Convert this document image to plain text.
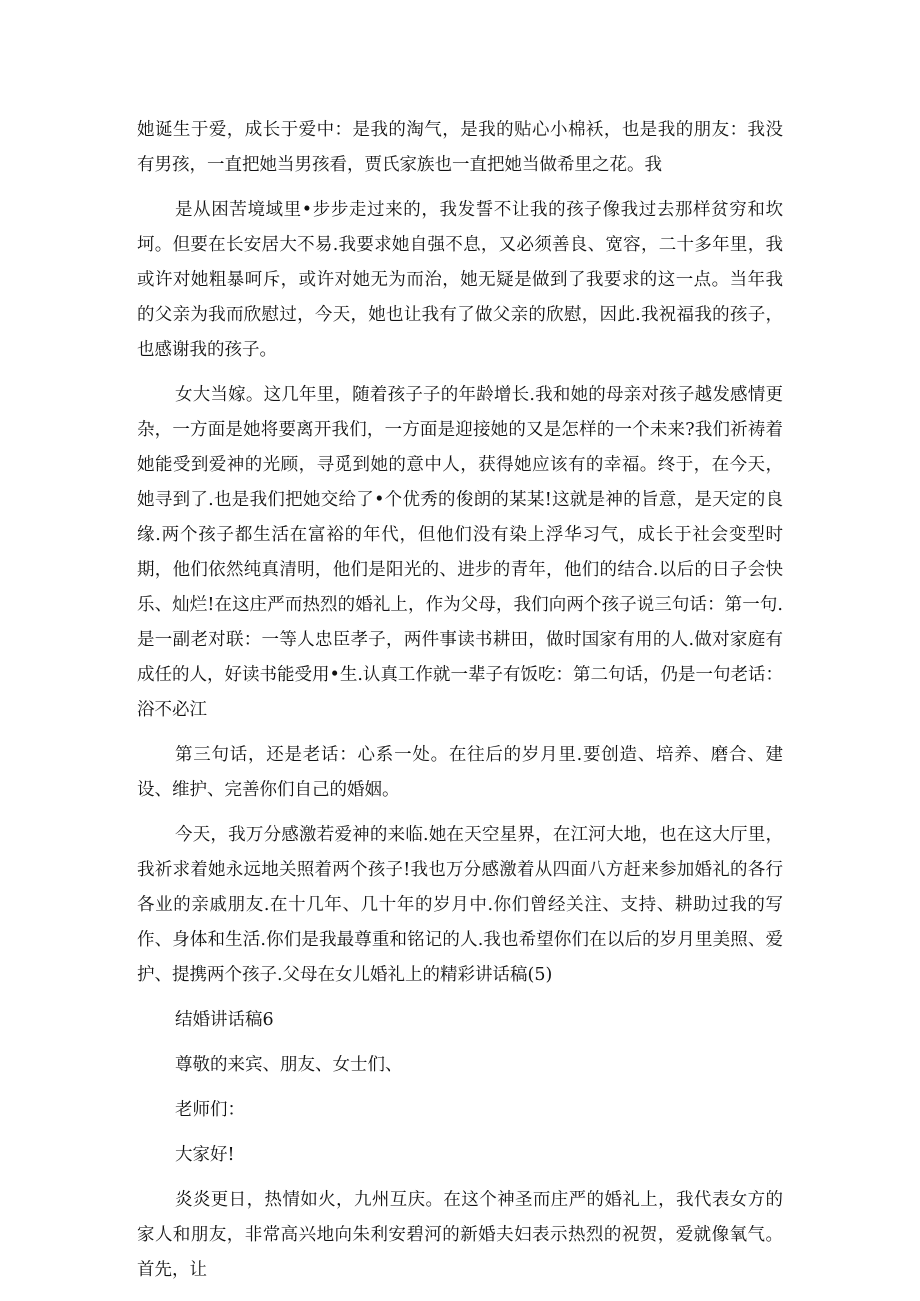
她诞生于爱，成长于爱中：是我的淘气，是我的贴心小棉袄，也是我的朋友：我没有男孩，一直把她当男孩看，贾氏家族也一直把她当做希里之花。我

是从困苦境域里•步步走过来的，我发誓不让我的孩子像我过去那样贫穷和坎坷。但要在长安居大不易.我要求她自强不息，又必须善良、宽容，二十多年里，我或许对她粗暴呵斥，或许对她无为而治，她无疑是做到了我要求的这一点。当年我的父亲为我而欣慰过，今天，她也让我有了做父亲的欣慰，因此.我祝福我的孩子，也感谢我的孩子。

女大当嫁。这几年里，随着孩子子的年龄增长.我和她的母亲对孩子越发感情更杂，一方面是她将要离开我们，一方面是迎接她的又是怎样的一个未来?我们祈祷着她能受到爱神的光顾，寻觅到她的意中人，获得她应该有的幸福。终于，在今天，她寻到了.也是我们把她交给了•个优秀的俊朗的某某!这就是神的旨意，是天定的良缘.两个孩子都生活在富裕的年代，但他们没有染上浮华习气，成长于社会变型时期，他们依然纯真清明，他们是阳光的、进步的青年，他们的结合.以后的日子会快乐、灿烂!在这庄严而热烈的婚礼上，作为父母，我们向两个孩子说三句话：第一句.是一副老对联：一等人忠臣孝子，两件事读书耕田，做时国家有用的人.做对家庭有成任的人，好读书能受用•生.认真工作就一辈子有饭吃：第二句话，仍是一句老话：浴不必江

第三句话，还是老话：心系一处。在往后的岁月里.要创造、培养、磨合、建设、维护、完善你们自己的婚姻。

今天，我万分感激若爱神的来临.她在天空星界，在江河大地，也在这大厅里，我祈求着她永远地关照着两个孩子!我也万分感激着从四面八方赶来参加婚礼的各行各业的亲戚朋友.在十几年、几十年的岁月中.你们曾经关注、支持、耕助过我的写作、身体和生活.你们是我最尊重和铭记的人.我也希望你们在以后的岁月里美照、爱护、提携两个孩子.父母在女儿婚礼上的精彩讲话稿(5)

结婚讲话稿6

尊敬的来宾、朋友、女士们、

老师们：

大家好!

炎炎更日，热情如火，九州互庆。在这个神圣而庄严的婚礼上，我代表女方的家人和朋友，非常高兴地向朱利安碧河的新婚夫妇表示热烈的祝贺，爱就像氧气。首先，让
